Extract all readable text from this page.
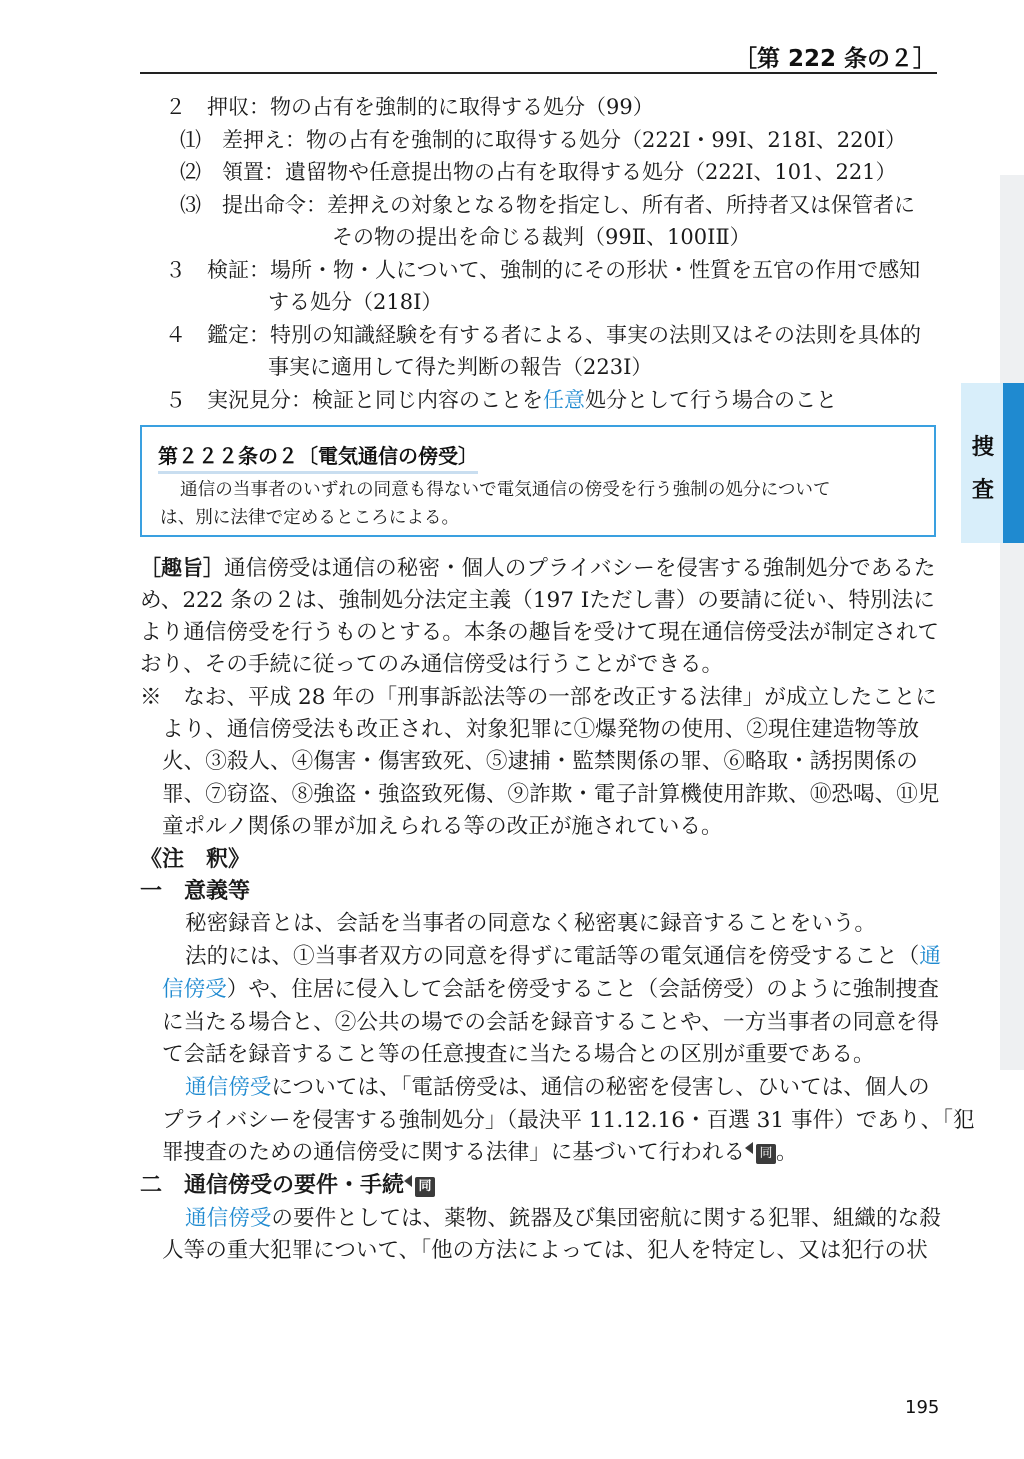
［第 222 条の２］
２　押収：物の占有を強制的に取得する処分（99）
⑴　差押え：物の占有を強制的に取得する処分（222Ⅰ・99Ⅰ、218Ⅰ、220Ⅰ）
⑵　領置：遺留物や任意提出物の占有を取得する処分（222Ⅰ、101、221）
⑶　提出命令：差押えの対象となる物を指定し、所有者、所持者又は保管者に
その物の提出を命じる裁判（99Ⅱ、100ⅠⅡ）
３　検証：場所・物・人について、強制的にその形状・性質を五官の作用で感知
する処分（218Ⅰ）
４　鑑定：特別の知識経験を有する者による、事実の法則又はその法則を具体的
事実に適用して得た判断の報告（223Ⅰ）
５　実況見分：検証と同じ内容のことを任意処分として行う場合のこと
第２２２条の２〔電気通信の傍受〕
通信の当事者のいずれの同意も得ないで電気通信の傍受を行う強制の処分について
は、別に法律で定めるところによる。
［趣旨］通信傍受は通信の秘密・個人のプライバシーを侵害する強制処分であるた
め、222 条の２は、強制処分法定主義（197 Ⅰただし書）の要請に従い、特別法に
より通信傍受を行うものとする。本条の趣旨を受けて現在通信傍受法が制定されて
おり、その手続に従ってのみ通信傍受は行うことができる。
※　なお、平成 28 年の「刑事訴訟法等の一部を改正する法律」が成立したことに
より、通信傍受法も改正され、対象犯罪に①爆発物の使用、②現住建造物等放
火、③殺人、④傷害・傷害致死、⑤逮捕・監禁関係の罪、⑥略取・誘拐関係の
罪、⑦窃盗、⑧強盗・強盗致死傷、⑨詐欺・電子計算機使用詐欺、⑩恐喝、⑪児
童ポルノ関係の罪が加えられる等の改正が施されている。
《注　釈》
一　意義等
秘密録音とは、会話を当事者の同意なく秘密裏に録音することをいう。
法的には、①当事者双方の同意を得ずに電話等の電気通信を傍受すること（通
信傍受）や、住居に侵入して会話を傍受すること（会話傍受）のように強制捜査
に当たる場合と、②公共の場での会話を録音することや、一方当事者の同意を得
て会話を録音すること等の任意捜査に当たる場合との区別が重要である。
通信傍受については、「電話傍受は、通信の秘密を侵害し、ひいては、個人の
プライバシーを侵害する強制処分」（最決平 11.12.16・百選 31 事件）であり、「犯
罪捜査のための通信傍受に関する法律」に基づいて行われる 同 。
二　通信傍受の要件・手続 同
通信傍受の要件としては、薬物、銃器及び集団密航に関する犯罪、組織的な殺
人等の重大犯罪について、「他の方法によっては、犯人を特定し、又は犯行の状
捜
査
195
